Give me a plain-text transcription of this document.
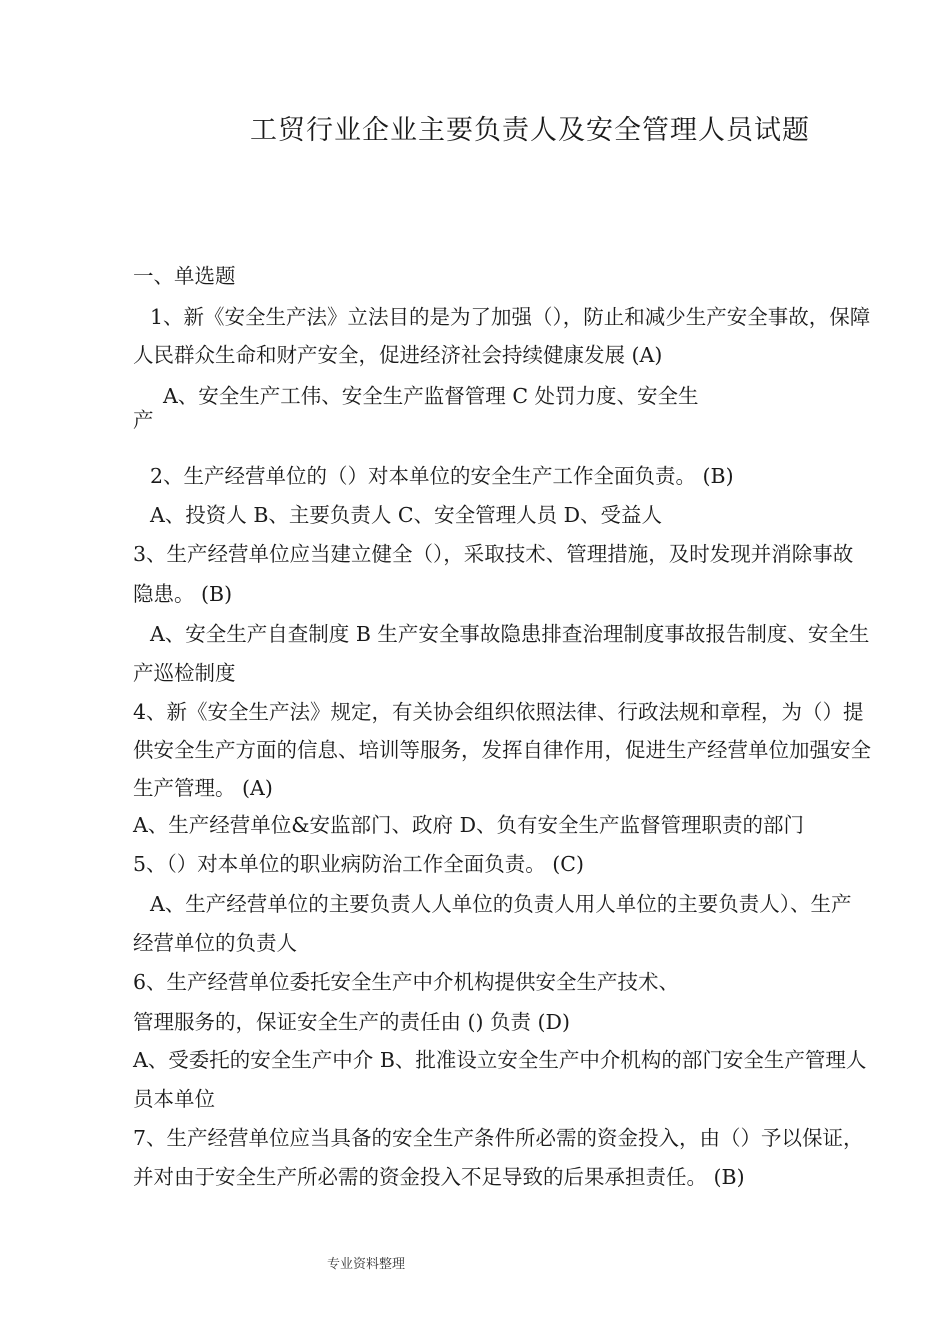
工贸行业企业主要负责人及安全管理人员试题

一、单选题

1、新《安全生产法》立法目的是为了加强（），防止和减少生产安全事故，保障

人民群众生命和财产安全，促进经济社会持续健康发展 (A)

A、安全生产工伟、安全生产监督管理 C 处罚力度、安全生

产

2、生产经营单位的（）对本单位的安全生产工作全面负责。 (B)

A、投资人 B、主要负责人 C、安全管理人员 D、受益人

3、生产经营单位应当建立健全（），采取技术、管理措施，及时发现并消除事故

隐患。 (B)

A、安全生产自查制度 B 生产安全事故隐患排查治理制度事故报告制度、安全生

产巡检制度

4、新《安全生产法》规定，有关协会组织依照法律、行政法规和章程，为（）提

供安全生产方面的信息、培训等服务，发挥自律作用，促进生产经营单位加强安全

生产管理。 (A)

A、生产经营单位&安监部门、政府 D、负有安全生产监督管理职责的部门

5、（）对本单位的职业病防治工作全面负责。 (C)

A、生产经营单位的主要负责人人单位的负责人用人单位的主要负责人）、生产

经营单位的负责人

6、生产经营单位委托安全生产中介机构提供安全生产技术、

管理服务的，保证安全生产的责任由 () 负责 (D)

A、受委托的安全生产中介 B、批准设立安全生产中介机构的部门安全生产管理人

员本单位

7、生产经营单位应当具备的安全生产条件所必需的资金投入，由（）予以保证，

并对由于安全生产所必需的资金投入不足导致的后果承担责任。 (B)

专业资料整理
